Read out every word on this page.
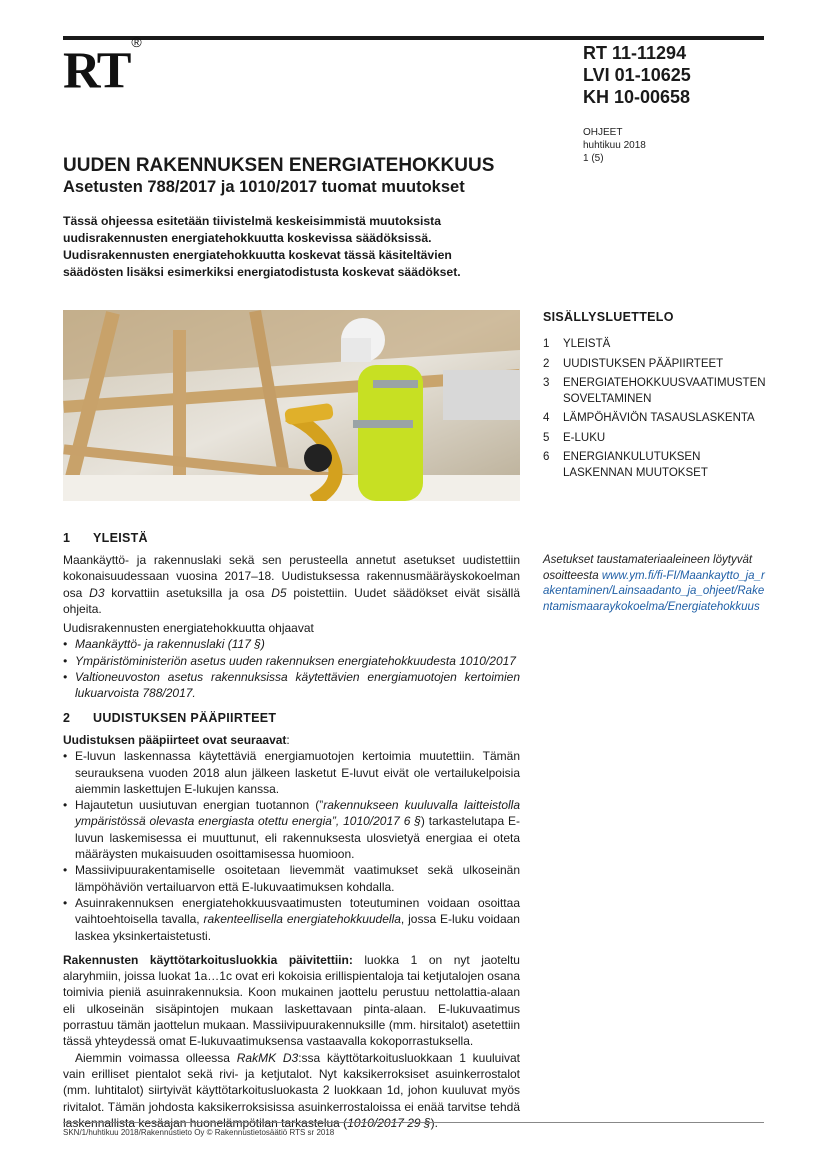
RT®
RT 11-11294
LVI 01-10625
KH 10-00658
OHJEET
huhtikuu 2018
1 (5)
UUDEN RAKENNUKSEN ENERGIATEHOKKUUS
Asetusten 788/2017 ja 1010/2017 tuomat muutokset
Tässä ohjeessa esitetään tiivistelmä keskeisimmistä muutoksista uudisrakennusten energiatehokkuutta koskevissa säädöksissä. Uudisrakennusten energiatehokkuutta koskevat tässä käsiteltävien säädösten lisäksi esimerkiksi energiatodistusta koskevat säädökset.
SISÄLLYSLUETTELO
1	YLEISTÄ
2	UUDISTUKSEN PÄÄPIIRTEET
3	ENERGIATEHOKKUUSVAATIMUSTEN SOVELTAMINEN
4	LÄMPÖHÄVIÖN TASAUSLASKENTA
5	E-LUKU
6	ENERGIANKULUTUKSEN LASKENNAN MUUTOKSET
1 YLEISTÄ

Maankäyttö- ja rakennuslaki sekä sen perusteella annetut asetukset uudistettiin kokonaisuudessaan vuosina 2017–18. Uudistuksessa rakennusmääräyskokoelman osa D3 korvattiin asetuksilla ja osa D5 poistettiin. Uudet säädökset eivät sisällä ohjeita.

Uudisrakennusten energiatehokkuutta ohjaavat

• Maankäyttö- ja rakennuslaki (117 §)
• Ympäristöministeriön asetus uuden rakennuksen energiatehokkuudesta 1010/2017
• Valtioneuvoston asetus rakennuksissa käytettävien energiamuotojen kertoimien lukuarvoista 788/2017.
Asetukset taustamateriaaleineen löytyvät osoitteesta www.ym.fi/fi-FI/Maankaytto_ja_rakentaminen/Lainsaadanto_ja_ohjeet/Rakentamismaaraykokoelma/Energiatehokkuus
2 UUDISTUKSEN PÄÄPIIRTEET

Uudistuksen pääpiirteet ovat seuraavat:

• E-luvun laskennassa käytettäviä energiamuotojen kertoimia muutettiin. Tämän seurauksena vuoden 2018 alun jälkeen lasketut E-luvut eivät ole vertailukelpoisia aiemmin laskettujen E-lukujen kanssa.
• Hajautetun uusiutuvan energian tuotannon (”rakennukseen kuuluvalla laitteistolla ympäristössä olevasta energiasta otettu energia”, 1010/2017 6 §) tarkastelutapa E-luvun laskemisessa ei muuttunut, eli rakennuksesta ulosvietyä energiaa ei oteta määräysten mukaisuuden osoittamisessa huomioon.
• Massiivipuurakentamiselle osoitetaan lievemmät vaatimukset sekä ulkoseinän lämpöhäviön vertailuarvon että E-lukuvaatimuksen kohdalla.
• Asuinrakennuksen energiatehokkuusvaatimusten toteutuminen voidaan osoittaa vaihtoehtoisella tavalla, rakenteellisella energiatehokkuudella, jossa E-luku voidaan laskea yksinkertaistetusti.

Rakennusten käyttötarkoitusluokkia päivitettiin: luokka 1 on nyt jaoteltu alaryhmiin, joissa luokat 1a…1c ovat eri kokoisia erillispientaloja tai ketjutalojen osana toimivia pieniä asuinrakennuksia. Koon mukainen jaottelu perustuu nettolattia-alaan eli ulkoseinän sisäpintojen mukaan laskettavaan pinta-alaan. E-lukuvaatimus porrastuu tämän jaottelun mukaan. Massiivipuurakennuksille (mm. hirsitalot) asetettiin tässä yhteydessä omat E-lukuvaatimuksensa vastaavalla kokoporrastuksella.

Aiemmin voimassa olleessa RakMK D3:ssa käyttötarkoitusluokkaan 1 kuuluivat vain erilliset pientalot sekä rivi- ja ketjutalot. Nyt kaksikerroksiset asuinkerrostalot (mm. luhtitalot) siirtyivät käyttötarkoitusluokasta 2 luokkaan 1d, johon kuuluvat myös rivitalot. Tämän johdosta kaksikerroksisissa asuinkerrostaloissa ei enää tarvitse tehdä

SKN/1/huhtikuu 2018/Rakennustieto Oy © Rakennustietosäätiö RTS sr 2018
